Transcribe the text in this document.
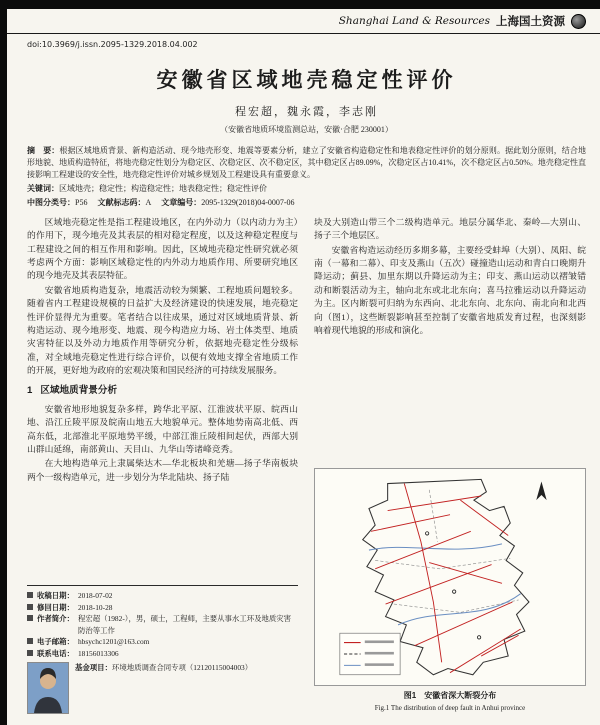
Shanghai Land & Resources 上海国土资源
doi:10.3969/j.issn.2095-1329.2018.04.002
安徽省区域地壳稳定性评价
程宏超，魏永霞，李志刚
（安徽省地质环境监测总站，安徽·合肥 230001）

摘　要：根据区域地质背景、新构造活动、现今地壳形变、地震等要素分析，建立了安徽省构造稳定性和地表稳定性评价的划分原则。据此划分原则，结合地形地貌、地质构造特征，将地壳稳定性划分为稳定区、次稳定区、次不稳定区，其中稳定区占89.09%，次稳定区占10.41%，次不稳定区占0.50%。地壳稳定性直接影响工程建设的安全性，地壳稳定性评价对城乡规划及工程建设具有重要意义。

关键词：区域地壳；稳定性；构造稳定性；地表稳定性；稳定性评价

中图分类号：P56 文献标志码：A 文章编号：2095-1329(2018)04-0007-06

区域地壳稳定性是指工程建设地区，在内外动力（以内动力为主）的作用下，现今地壳及其表层的相对稳定程度，以及这种稳定程度与工程建设之间的相互作用和影响。因此，区域地壳稳定性研究就必须考虑两个方面：影响区域稳定性的内外动力地质作用、所要研究地区的现今地壳及其表层特征。

安徽省地质构造复杂，地震活动较为频繁、工程地质问题较多。随着省内工程建设规模的日益扩大及经济建设的快速发展，地壳稳定性评价显得尤为重要。笔者结合以往成果，通过对区域地质背景、新构造运动、现今地形变、地震、现今构造应力场、岩土体类型、地质灾害特征以及外动力地质作用等研究分析，依据地壳稳定性分级标准，对全域地壳稳定性进行综合评价，以便有效地支撑全省地质工作的开展，更好地为政府的宏观决策和国民经济的可持续发展服务。

1 区域地质背景分析

安徽省地形地貌复杂多样，跨华北平原、江淮波状平原、皖西山地、沿江丘陵平原及皖南山地五大地貌单元。整体地势南高北低、西高东低，北部淮北平原地势平缓，中部江淮丘陵相间起伏，西部大别山群山延绵，南部黄山、天目山、九华山等诸峰竞秀。

在大地构造单元上隶属柴达木—华北板块和羌塘—扬子华南板块两个一级构造单元，进一步划分为华北陆块、扬子陆

收稿日期： 2018-07-02
修回日期： 2018-10-28
作者简介： 程宏超（1982-），男，硕士，工程师，主要从事水工环及地质灾害防治等工作
电子邮箱： hbsychc1201@163.com
联系电话： 18156013306
基金项目：环境地质调查合同专项（12120115004003）

块及大别造山带三个二级构造单元。地层分属华北、秦岭—大别山、扬子三个地层区。

安徽省构造运动经历多期多幕，主要经受蚌埠（大别）、凤阳、皖南（一幕和二幕）、印支及燕山（五次）碰撞造山运动和青白口晚期升降运动；蓟县、加里东期以升降运动为主；印支、燕山运动以褶皱错动和断裂活动为主，轴向北东或北北东向；喜马拉雅运动以升降运动为主。区内断裂可归纳为东西向、北北东向、北东向、南北向和北西向（图1），这些断裂影响甚至控制了安徽省地质发育过程，也深刻影响着现代地貌的形成和演化。

图1　安徽省深大断裂分布
Fig.1 The distribution of deep fault in Anhui province
